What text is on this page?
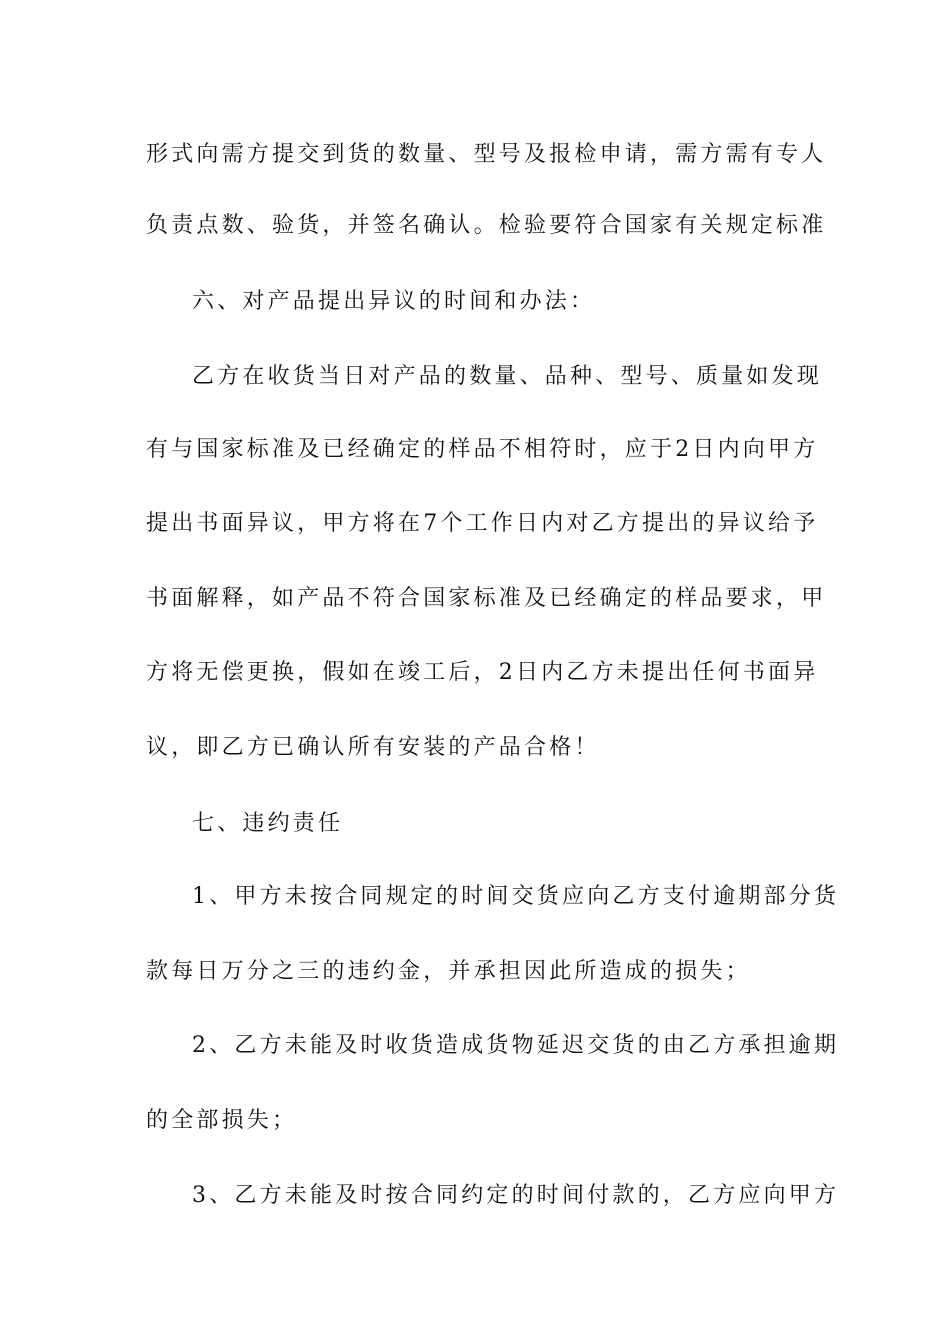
形式向需方提交到货的数量、型号及报检申请，需方需有专人
负责点数、验货，并签名确认。检验要符合国家有关规定标准
六、对产品提出异议的时间和办法：
乙方在收货当日对产品的数量、品种、型号、质量如发现
有与国家标准及已经确定的样品不相符时，应于2日内向甲方
提出书面异议，甲方将在7个工作日内对乙方提出的异议给予
书面解释，如产品不符合国家标准及已经确定的样品要求，甲
方将无偿更换，假如在竣工后，2日内乙方未提出任何书面异
议，即乙方已确认所有安装的产品合格！
七、违约责任
1、甲方未按合同规定的时间交货应向乙方支付逾期部分货
款每日万分之三的违约金，并承担因此所造成的损失；
2、乙方未能及时收货造成货物延迟交货的由乙方承担逾期
的全部损失；
3、乙方未能及时按合同约定的时间付款的，乙方应向甲方
